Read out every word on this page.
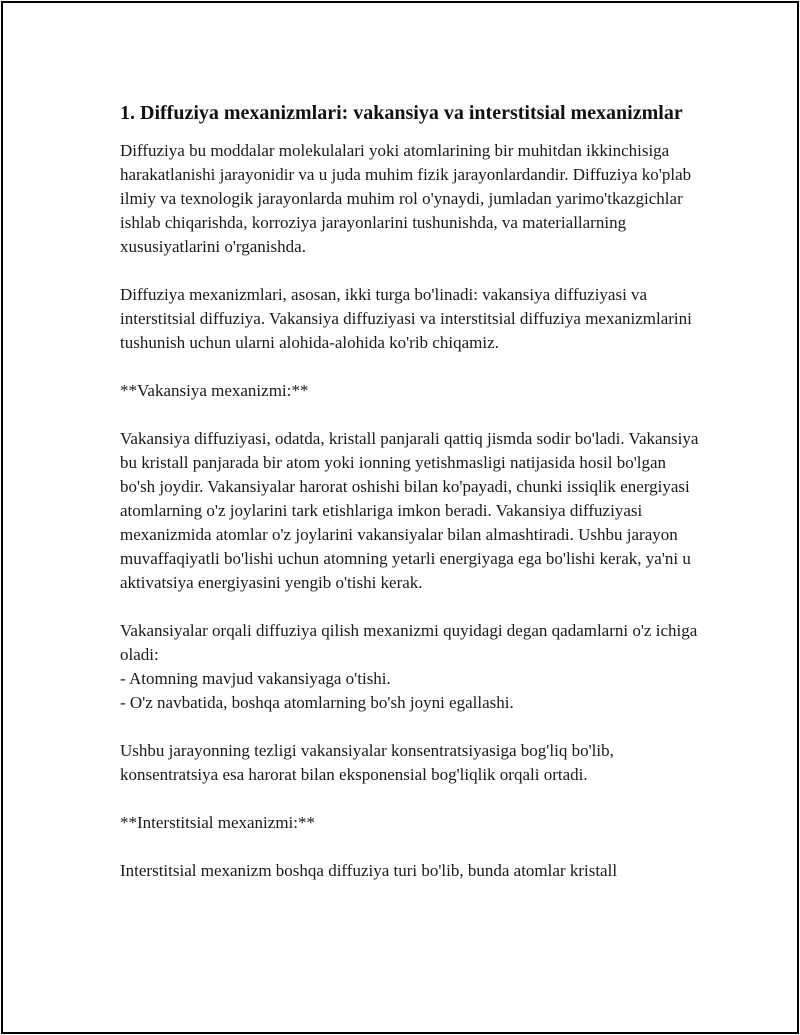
1. Diffuziya mexanizmlari: vakansiya va interstitsial mexanizmlar

Diffuziya bu moddalar molekulalari yoki atomlarining bir muhitdan ikkinchisiga harakatlanishi jarayonidir va u juda muhim fizik jarayonlardandir. Diffuziya ko'plab ilmiy va texnologik jarayonlarda muhim rol o'ynaydi, jumladan yarimo'tkazgichlar ishlab chiqarishda, korroziya jarayonlarini tushunishda, va materiallarning xususiyatlarini o'rganishda.

Diffuziya mexanizmlari, asosan, ikki turga bo'linadi: vakansiya diffuziyasi va interstitsial diffuziya. Vakansiya diffuziyasi va interstitsial diffuziya mexanizmlarini tushunish uchun ularni alohida-alohida ko'rib chiqamiz.

**Vakansiya mexanizmi:**

Vakansiya diffuziyasi, odatda, kristall panjarali qattiq jismda sodir bo'ladi. Vakansiya bu kristall panjarada bir atom yoki ionning yetishmasligi natijasida hosil bo'lgan bo'sh joydir. Vakansiyalar harorat oshishi bilan ko'payadi, chunki issiqlik energiyasi atomlarning o'z joylarini tark etishlariga imkon beradi. Vakansiya diffuziyasi mexanizmida atomlar o'z joylarini vakansiyalar bilan almashtiradi. Ushbu jarayon muvaffaqiyatli bo'lishi uchun atomning yetarli energiyaga ega bo'lishi kerak, ya'ni u aktivatsiya energiyasini yengib o'tishi kerak.

Vakansiyalar orqali diffuziya qilish mexanizmi quyidagi degan qadamlarni o'z ichiga oladi:
- Atomning mavjud vakansiyaga o'tishi.
- O'z navbatida, boshqa atomlarning bo'sh joyni egallashi.

Ushbu jarayonning tezligi vakansiyalar konsentratsiyasiga bog'liq bo'lib, konsentratsiya esa harorat bilan eksponensial bog'liqlik orqali ortadi.

**Interstitsial mexanizmi:**

Interstitsial mexanizm boshqa diffuziya turi bo'lib, bunda atomlar kristall
